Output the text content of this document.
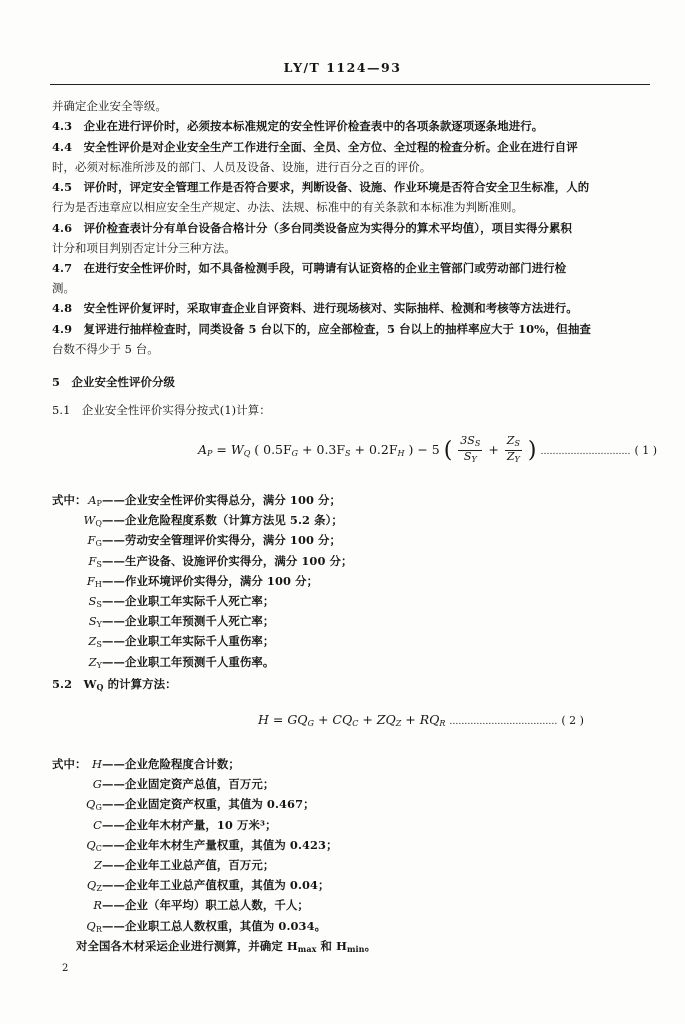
LY/T 1124—93
并确定企业安全等级。
4.3　企业在进行评价时，必须按本标准规定的安全性评价检查表中的各项条款逐项逐条地进行。
4.4　安全性评价是对企业安全生产工作进行全面、全员、全方位、全过程的检查分析。企业在进行自评
时，必须对标准所涉及的部门、人员及设备、设施，进行百分之百的评价。
4.5　评价时，评定安全管理工作是否符合要求，判断设备、设施、作业环境是否符合安全卫生标准，人的
行为是否违章应以相应安全生产规定、办法、法规、标准中的有关条款和本标准为判断准则。
4.6　评价检查表计分有单台设备合格计分（多台同类设备应为实得分的算术平均值），项目实得分累积
计分和项目判别否定计分三种方法。
4.7　在进行安全性评价时，如不具备检测手段，可聘请有认证资格的企业主管部门或劳动部门进行检
测。
4.8　安全性评价复评时，采取审查企业自评资料、进行现场核对、实际抽样、检测和考核等方法进行。
4.9　复评进行抽样检查时，同类设备 5 台以下的，应全部检查，5 台以上的抽样率应大于 10%，但抽查
台数不得少于 5 台。
5　企业安全性评价分级
5.1　企业安全性评价实得分按式(1)计算：
$A_P = W_Q$ ( $0.5F_G + 0.3F_S + 0.2F_H$ ) − 5 ( $\frac{3S_S}{S_Y} + \frac{Z_S}{Z_Y}$ ) ………………………… ( 1 )
式中： $A_P——$企业安全性评价实得总分，满分 100 分；
$W_Q——$企业危险程度系数（计算方法见 5.2 条）；
$F_G——$劳动安全管理评价实得分，满分 100 分；
$F_S——$生产设备、设施评价实得分，满分 100 分；
$F_H——$作业环境评价实得分，满分 100 分；
$S_S——$企业职工年实际千人死亡率；
$S_Y——$企业职工年预测千人死亡率；
$Z_S——$企业职工年实际千人重伤率；
$Z_Y——$企业职工年预测千人重伤率。
5.2　$W_Q$ 的计算方法：
$H = GQ_G + CQ_C + ZQ_Z + RQ_R$ ……………………………… ( 2 )
式中： H——企业危险程度合计数；
G——企业固定资产总值，百万元；
$Q_G——$企业固定资产权重，其值为 0.467；
C——企业年木材产量，10 万米³；
$Q_C——$企业年木材生产量权重，其值为 0.423；
Z——企业年工业总产值，百万元；
$Q_Z——$企业年工业总产值权重，其值为 0.04；
R——企业（年平均）职工总人数，千人；
$Q_R——$企业职工总人数权重，其值为 0.034。
对全国各木材采运企业进行测算，并确定 $H_{max}$ 和 $H_{min}$。
2
